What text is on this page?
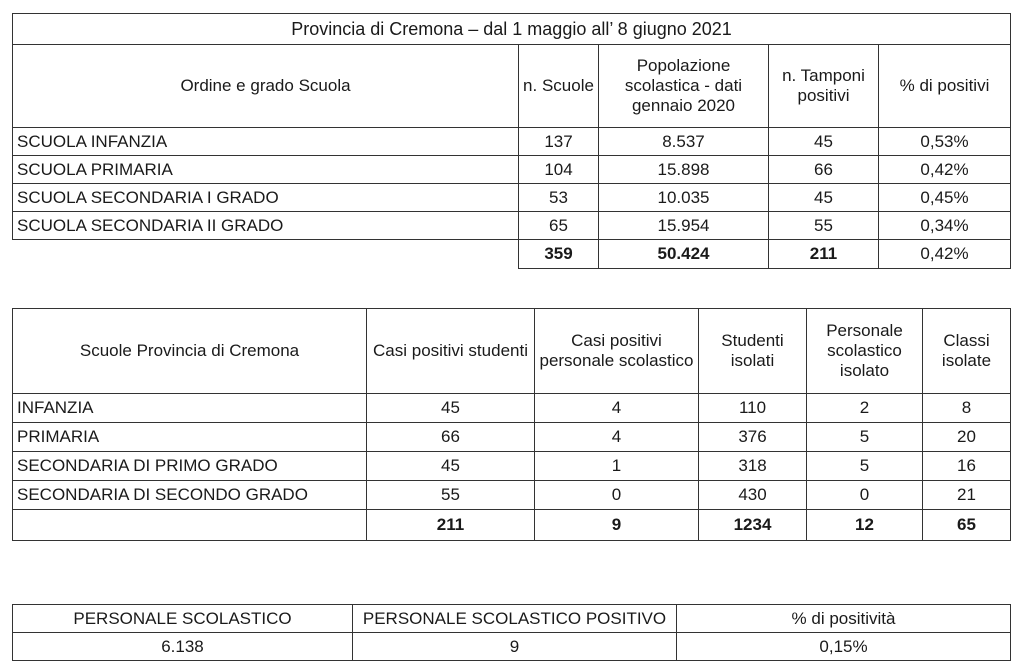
Provincia di Cremona – dal 1 maggio all’ 8 giugno 2021				
Ordine e grado Scuola	n. Scuole	Popolazione scolastica - dati gennaio 2020	n. Tamponi positivi	% di positivi
SCUOLA INFANZIA	137	8.537	45	0,53%
SCUOLA PRIMARIA	104	15.898	66	0,42%
SCUOLA SECONDARIA I GRADO	53	10.035	45	0,45%
SCUOLA SECONDARIA II GRADO	65	15.954	55	0,34%
	359	50.424	211	0,42%
Scuole Provincia di Cremona	Casi positivi studenti	Casi positivi personale scolastico	Studenti isolati	Personale scolastico isolato	Classi isolate
INFANZIA	45	4	110	2	8
PRIMARIA	66	4	376	5	20
SECONDARIA DI PRIMO GRADO	45	1	318	5	16
SECONDARIA DI SECONDO GRADO	55	0	430	0	21
	211	9	1234	12	65
PERSONALE SCOLASTICO	PERSONALE SCOLASTICO POSITIVO	% di positività
6.138	9	0,15%
